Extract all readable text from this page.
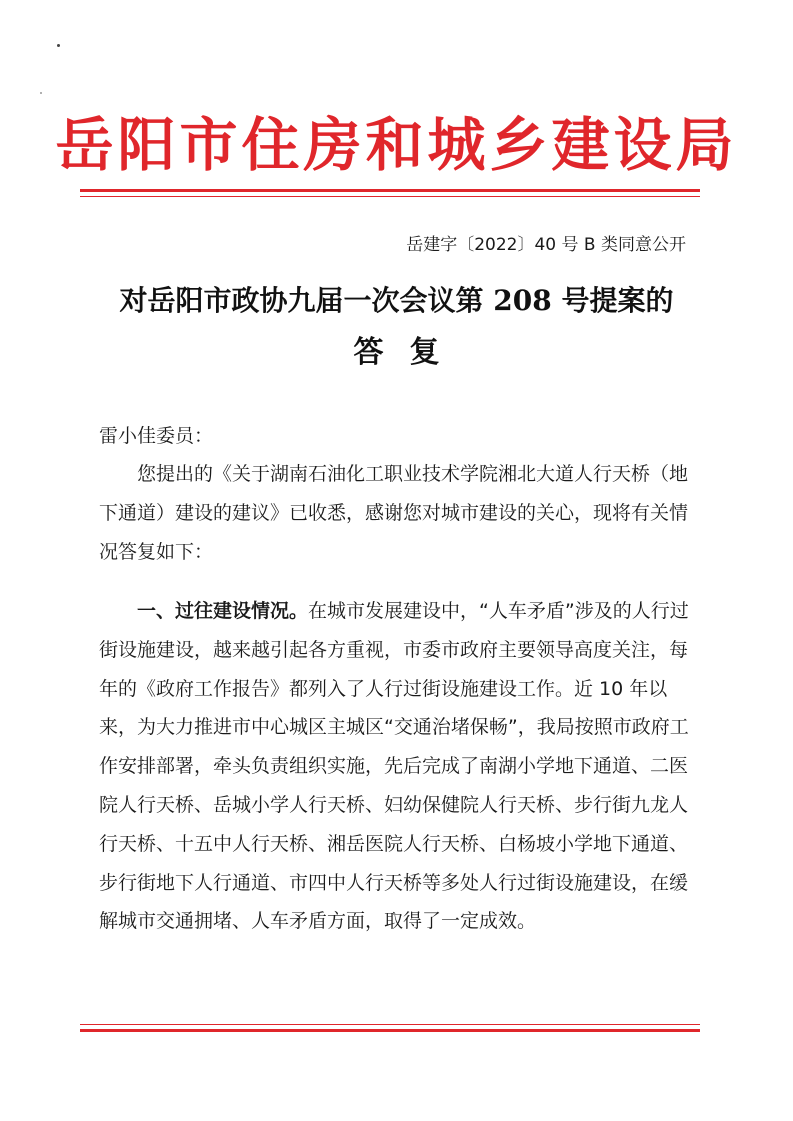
岳阳市住房和城乡建设局
岳建字〔2022〕40 号 B 类同意公开
对岳阳市政协九届一次会议第 208 号提案的
答复

雷小佳委员：

您提出的《关于湖南石油化工职业技术学院湘北大道人行天桥（地下通道）建设的建议》已收悉，感谢您对城市建设的关心，现将有关情况答复如下：

一、过往建设情况。在城市发展建设中，“人车矛盾”涉及的人行过街设施建设，越来越引起各方重视，市委市政府主要领导高度关注，每年的《政府工作报告》都列入了人行过街设施建设工作。近 10 年以来，为大力推进市中心城区主城区“交通治堵保畅”，我局按照市政府工作安排部署，牵头负责组织实施，先后完成了南湖小学地下通道、二医院人行天桥、岳城小学人行天桥、妇幼保健院人行天桥、步行街九龙人行天桥、十五中人行天桥、湘岳医院人行天桥、白杨坡小学地下通道、步行街地下人行通道、市四中人行天桥等多处人行过街设施建设，在缓解城市交通拥堵、人车矛盾方面，取得了一定成效。
